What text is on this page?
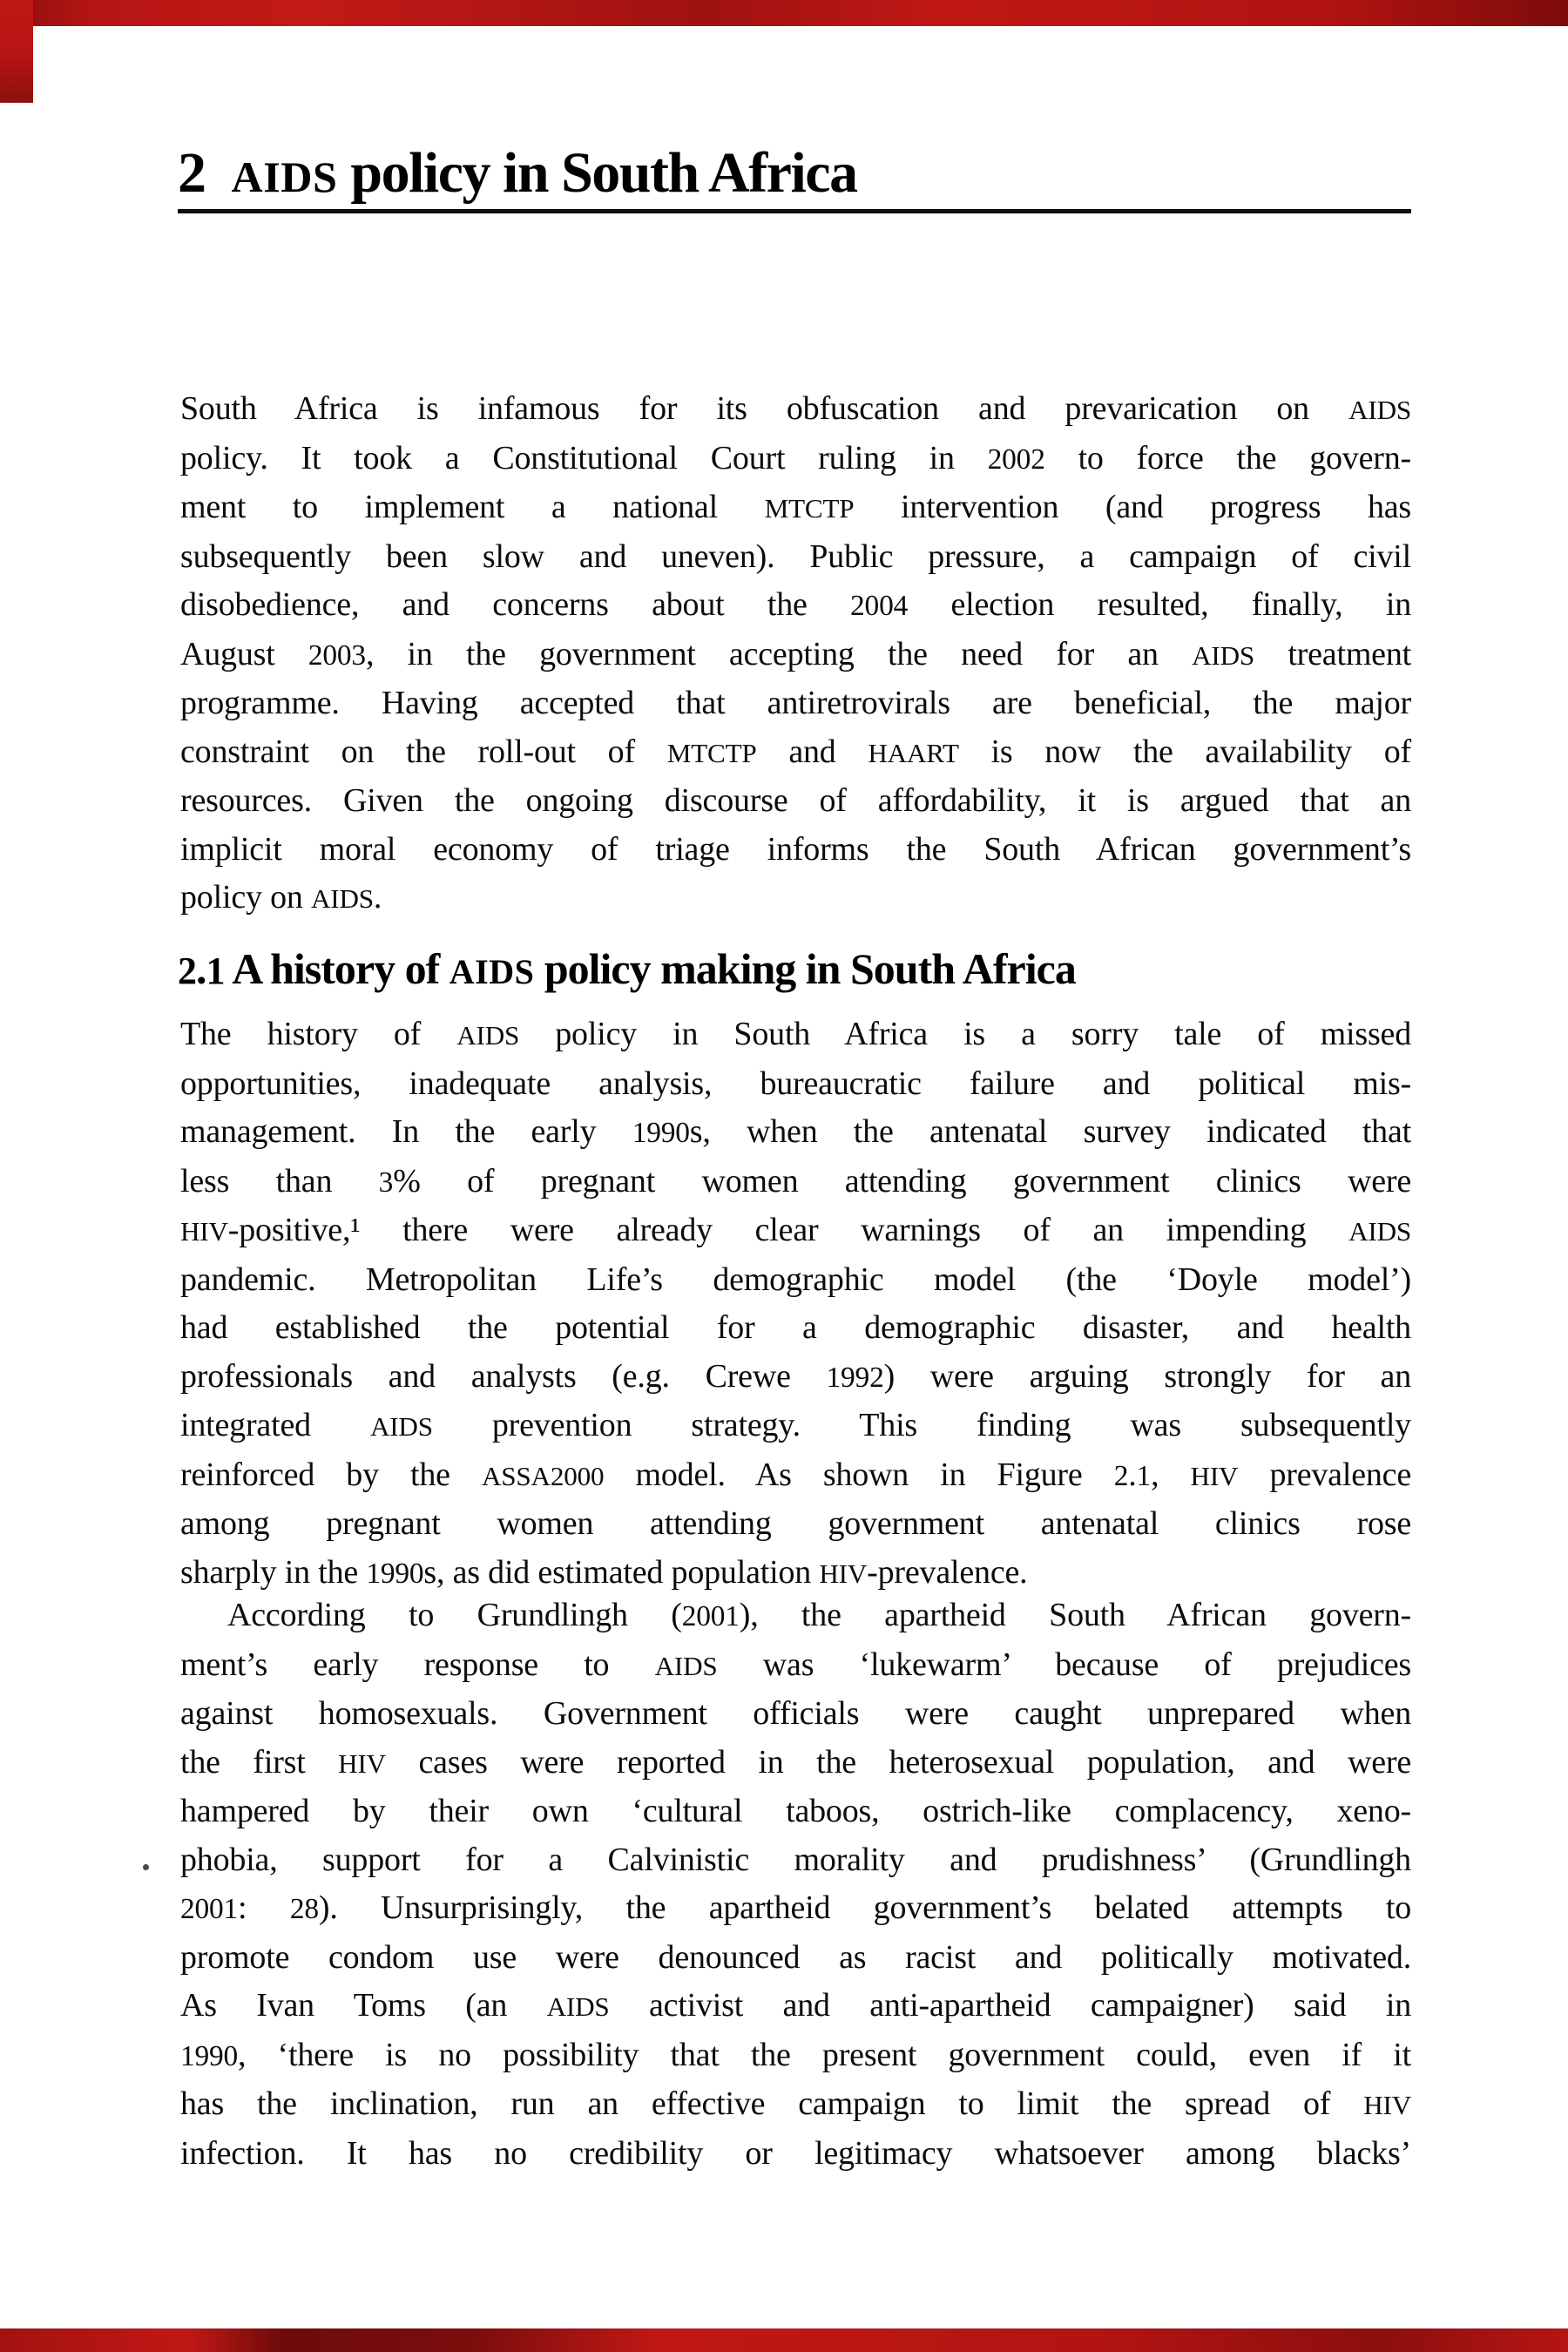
2 AIDS policy in South Africa
South Africa is infamous for its obfuscation and prevarication on AIDS
policy. It took a Constitutional Court ruling in 2002 to force the govern-
ment to implement a national MTCTP intervention (and progress has
subsequently been slow and uneven). Public pressure, a campaign of civil
disobedience, and concerns about the 2004 election resulted, finally, in
August 2003, in the government accepting the need for an AIDS treatment
programme. Having accepted that antiretrovirals are beneficial, the major
constraint on the roll-out of MTCTP and HAART is now the availability of
resources. Given the ongoing discourse of affordability, it is argued that an
implicit moral economy of triage informs the South African government’s
policy on AIDS.
2.1 A history of AIDS policy making in South Africa
The history of AIDS policy in South Africa is a sorry tale of missed
opportunities, inadequate analysis, bureaucratic failure and political mis-
management. In the early 1990s, when the antenatal survey indicated that
less than 3% of pregnant women attending government clinics were
HIV-positive,¹ there were already clear warnings of an impending AIDS
pandemic. Metropolitan Life’s demographic model (the ‘Doyle model’)
had established the potential for a demographic disaster, and health
professionals and analysts (e.g. Crewe 1992) were arguing strongly for an
integrated AIDS prevention strategy. This finding was subsequently
reinforced by the ASSA2000 model. As shown in Figure 2.1, HIV prevalence
among pregnant women attending government antenatal clinics rose
sharply in the 1990s, as did estimated population HIV-prevalence.
According to Grundlingh (2001), the apartheid South African govern-
ment’s early response to AIDS was ‘lukewarm’ because of prejudices
against homosexuals. Government officials were caught unprepared when
the first HIV cases were reported in the heterosexual population, and were
hampered by their own ‘cultural taboos, ostrich-like complacency, xeno-
phobia, support for a Calvinistic morality and prudishness’ (Grundlingh
2001: 28). Unsurprisingly, the apartheid government’s belated attempts to
promote condom use were denounced as racist and politically motivated.
As Ivan Toms (an AIDS activist and anti-apartheid campaigner) said in
1990, ‘there is no possibility that the present government could, even if it
has the inclination, run an effective campaign to limit the spread of HIV
infection. It has no credibility or legitimacy whatsoever among blacks’
